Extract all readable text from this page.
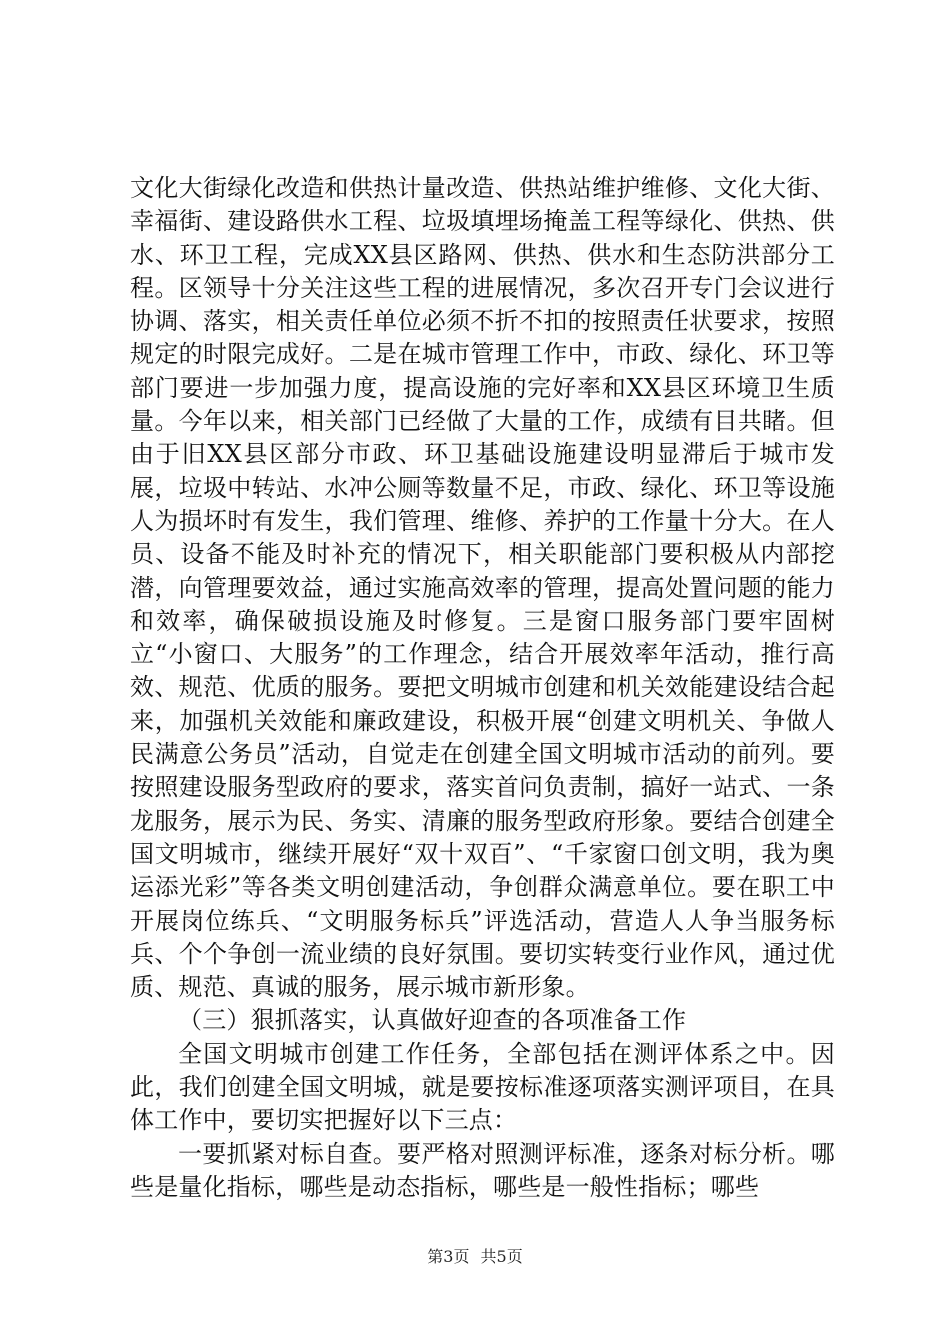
文化大街绿化改造和供热计量改造、供热站维护维修、文化大街、幸福街、建设路供水工程、垃圾填埋场掩盖工程等绿化、供热、供水、环卫工程，完成XX县区路网、供热、供水和生态防洪部分工程。区领导十分关注这些工程的进展情况，多次召开专门会议进行协调、落实，相关责任单位必须不折不扣的按照责任状要求，按照规定的时限完成好。二是在城市管理工作中，市政、绿化、环卫等部门要进一步加强力度，提高设施的完好率和XX县区环境卫生质量。今年以来，相关部门已经做了大量的工作，成绩有目共睹。但由于旧XX县区部分市政、环卫基础设施建设明显滞后于城市发展，垃圾中转站、水冲公厕等数量不足，市政、绿化、环卫等设施人为损坏时有发生，我们管理、维修、养护的工作量十分大。在人员、设备不能及时补充的情况下，相关职能部门要积极从内部挖潜，向管理要效益，通过实施高效率的管理，提高处置问题的能力和效率，确保破损设施及时修复。三是窗口服务部门要牢固树立“小窗口、大服务”的工作理念，结合开展效率年活动，推行高效、规范、优质的服务。要把文明城市创建和机关效能建设结合起来，加强机关效能和廉政建设，积极开展“创建文明机关、争做人民满意公务员”活动，自觉走在创建全国文明城市活动的前列。要按照建设服务型政府的要求，落实首问负责制，搞好一站式、一条龙服务，展示为民、务实、清廉的服务型政府形象。要结合创建全国文明城市，继续开展好“双十双百”、“千家窗口创文明，我为奥运添光彩”等各类文明创建活动，争创群众满意单位。要在职工中开展岗位练兵、“文明服务标兵”评选活动，营造人人争当服务标兵、个个争创一流业绩的良好氛围。要切实转变行业作风，通过优质、规范、真诚的服务，展示城市新形象。

（三）狠抓落实，认真做好迎查的各项准备工作

全国文明城市创建工作任务，全部包括在测评体系之中。因此，我们创建全国文明城，就是要按标准逐项落实测评项目，在具体工作中，要切实把握好以下三点：

一要抓紧对标自查。要严格对照测评标准，逐条对标分析。哪些是量化指标，哪些是动态指标，哪些是一般性指标；哪些

第3页 共5页
